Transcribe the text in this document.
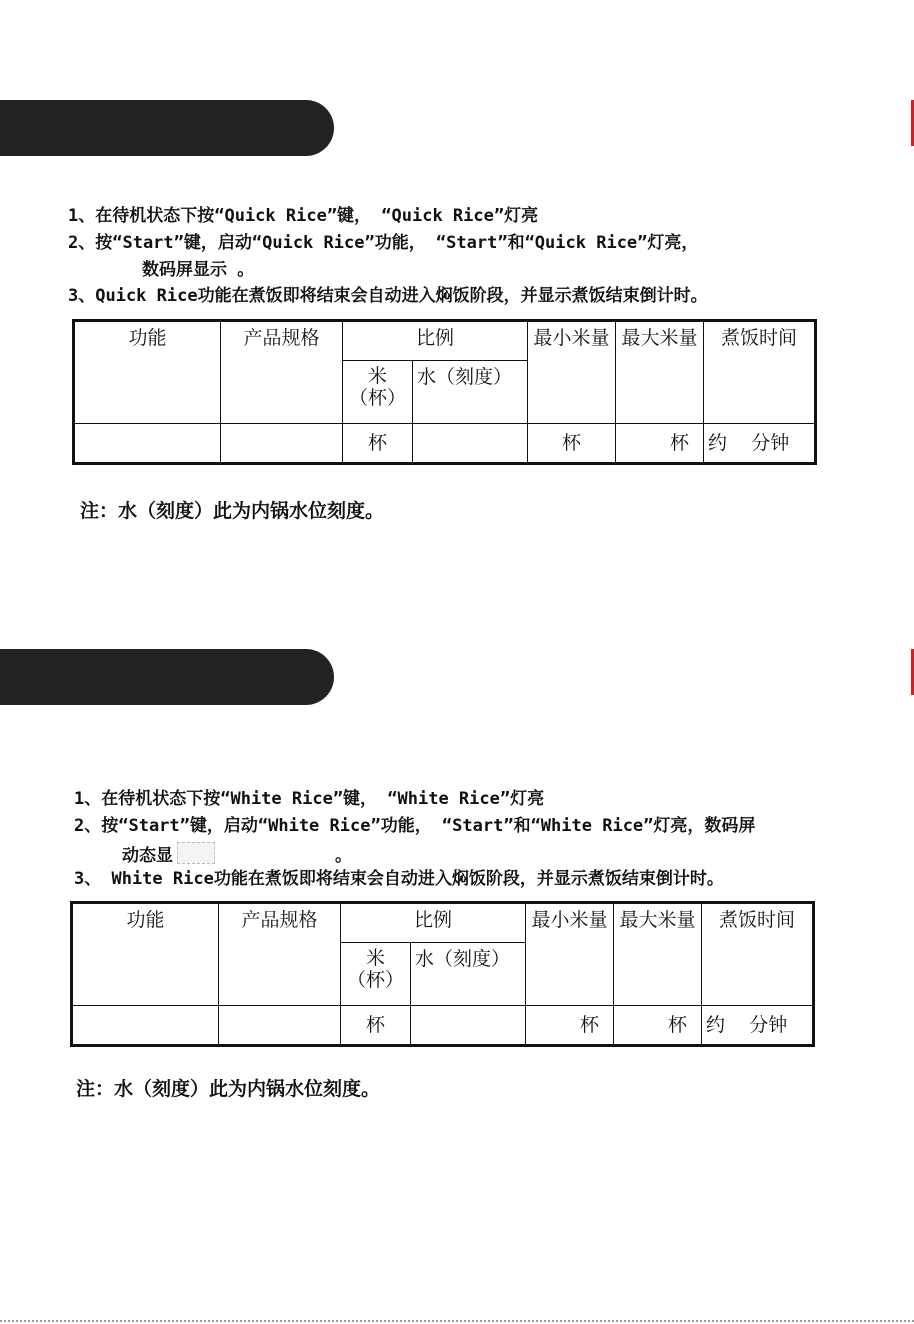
1、在待机状态下按“Quick Rice”键， “Quick Rice”灯亮

2、按“Start”键，启动“Quick Rice”功能， “Start”和“Quick Rice”灯亮，

数码屏显示 。

3、Quick Rice功能在煮饭即将结束会自动进入焖饭阶段，并显示煮饭结束倒计时。

功能	产品规格	比例		最小米量	最大米量	煮饭时间
		米
（杯）	水（刻度）			
		杯		杯	杯	约 分钟

注：水（刻度）此为内锅水位刻度。

1、在待机状态下按“White Rice”键， “White Rice”灯亮

2、按“Start”键，启动“White Rice”功能， “Start”和“White Rice”灯亮，数码屏

动态显	。

3、 White Rice功能在煮饭即将结束会自动进入焖饭阶段，并显示煮饭结束倒计时。

功能	产品规格	比例		最小米量	最大米量	煮饭时间
		米
（杯）	水（刻度）			
		杯		杯	杯	约 分钟

注：水（刻度）此为内锅水位刻度。
